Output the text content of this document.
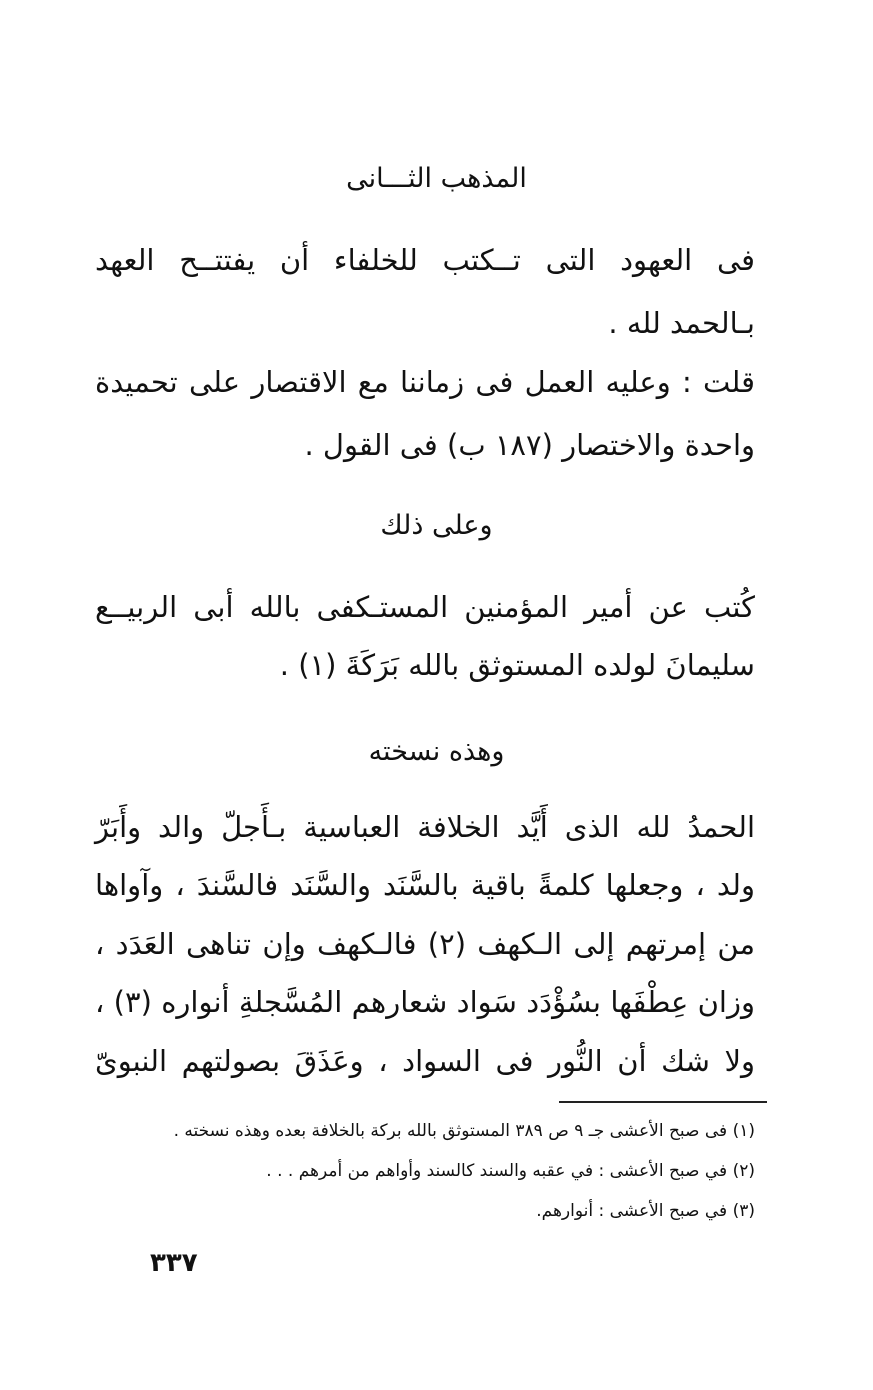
المذهب الثـــانى
فى العهود التى تــكتب للخلفاء أن يفتتــح العهد
بـالحمد لله .
قلت : وعليه العمل فى زماننا مع الاقتصار على تحميدة
واحدة والاختصار (١٨٧ ب) فى القول .
وعلى ذلك
كُتب عن أمير المؤمنين المستـكفى بالله أبى الربيــع
سليمانَ لولده المستوثق بالله بَرَكَةَ (١) .
وهذه نسخته
الحمدُ لله الذى أَيَّد الخلافة العباسية بـأَجلّ والد وأَبَرّ
ولد ، وجعلها كلمةً باقية بالسَّنَد والسَّنَد فالسَّندَ ، وآواها
من إمرتهم إلى الـكهف (٢) فالـكهف وإن تناهى العَدَد ،
وزان عِطْفَها بسُؤْدَد سَواد شعارهم المُسَّجلةِ أنواره (٣) ،
ولا شك أن النُّور فى السواد ، وعَذَقَ بصولتهم النبوىّ
(١) فى صبح الأعشى جـ ٩ ص ٣٨٩ المستوثق بالله بركة بالخلافة بعده وهذه نسخته .
(٢) في صبح الأعشى : في عقبه والسند كالسند وأواهم من أمرهم . . .
(٣) في صبح الأعشى : أنوارهم.
٣٣٧
